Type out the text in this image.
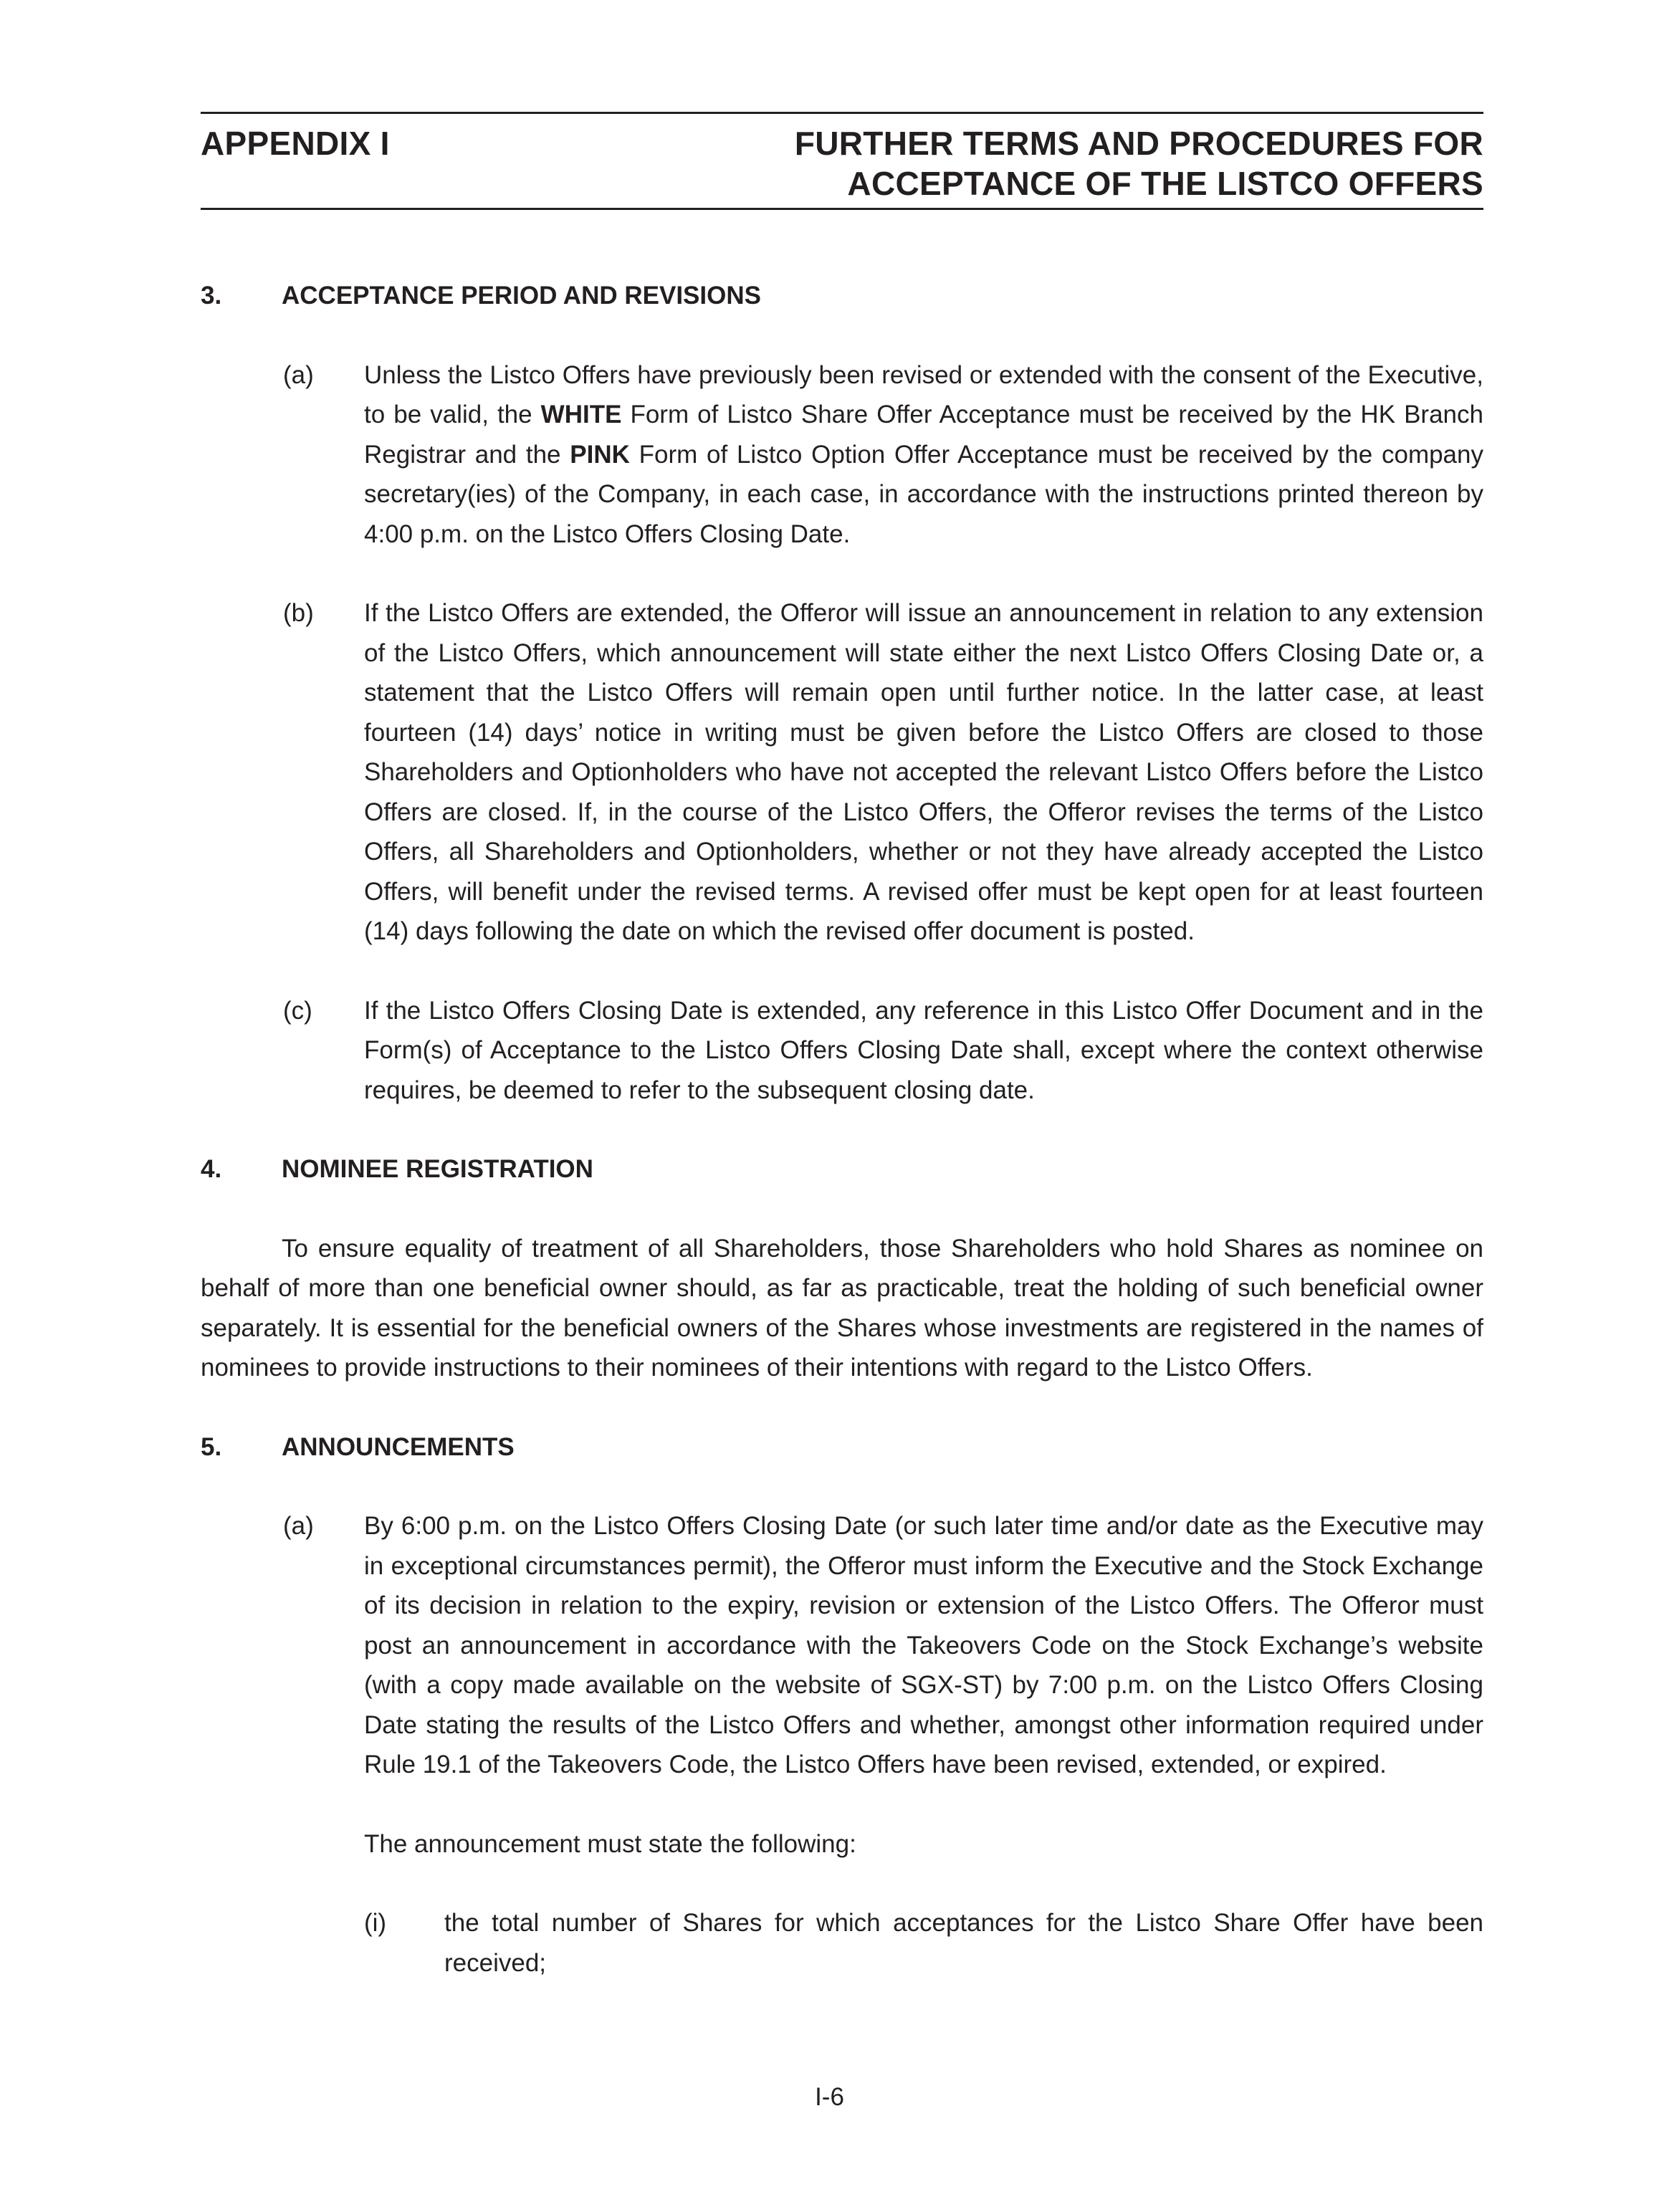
APPENDIX I	FURTHER TERMS AND PROCEDURES FOR
ACCEPTANCE OF THE LISTCO OFFERS
3.	ACCEPTANCE PERIOD AND REVISIONS
(a)	Unless the Listco Offers have previously been revised or extended with the consent of the Executive, to be valid, the WHITE Form of Listco Share Offer Acceptance must be received by the HK Branch Registrar and the PINK Form of Listco Option Offer Acceptance must be received by the company secretary(ies) of the Company, in each case, in accordance with the instructions printed thereon by 4:00 p.m. on the Listco Offers Closing Date.
(b)	If the Listco Offers are extended, the Offeror will issue an announcement in relation to any extension of the Listco Offers, which announcement will state either the next Listco Offers Closing Date or, a statement that the Listco Offers will remain open until further notice. In the latter case, at least fourteen (14) days’ notice in writing must be given before the Listco Offers are closed to those Shareholders and Optionholders who have not accepted the relevant Listco Offers before the Listco Offers are closed. If, in the course of the Listco Offers, the Offeror revises the terms of the Listco Offers, all Shareholders and Optionholders, whether or not they have already accepted the Listco Offers, will benefit under the revised terms. A revised offer must be kept open for at least fourteen (14) days following the date on which the revised offer document is posted.
(c)	If the Listco Offers Closing Date is extended, any reference in this Listco Offer Document and in the Form(s) of Acceptance to the Listco Offers Closing Date shall, except where the context otherwise requires, be deemed to refer to the subsequent closing date.
4.	NOMINEE REGISTRATION
To ensure equality of treatment of all Shareholders, those Shareholders who hold Shares as nominee on behalf of more than one beneficial owner should, as far as practicable, treat the holding of such beneficial owner separately. It is essential for the beneficial owners of the Shares whose investments are registered in the names of nominees to provide instructions to their nominees of their intentions with regard to the Listco Offers.
5.	ANNOUNCEMENTS
(a)	By 6:00 p.m. on the Listco Offers Closing Date (or such later time and/or date as the Executive may in exceptional circumstances permit), the Offeror must inform the Executive and the Stock Exchange of its decision in relation to the expiry, revision or extension of the Listco Offers. The Offeror must post an announcement in accordance with the Takeovers Code on the Stock Exchange’s website (with a copy made available on the website of SGX-ST) by 7:00 p.m. on the Listco Offers Closing Date stating the results of the Listco Offers and whether, amongst other information required under Rule 19.1 of the Takeovers Code, the Listco Offers have been revised, extended, or expired.
The announcement must state the following:
(i)	the total number of Shares for which acceptances for the Listco Share Offer have been received;
I-6
